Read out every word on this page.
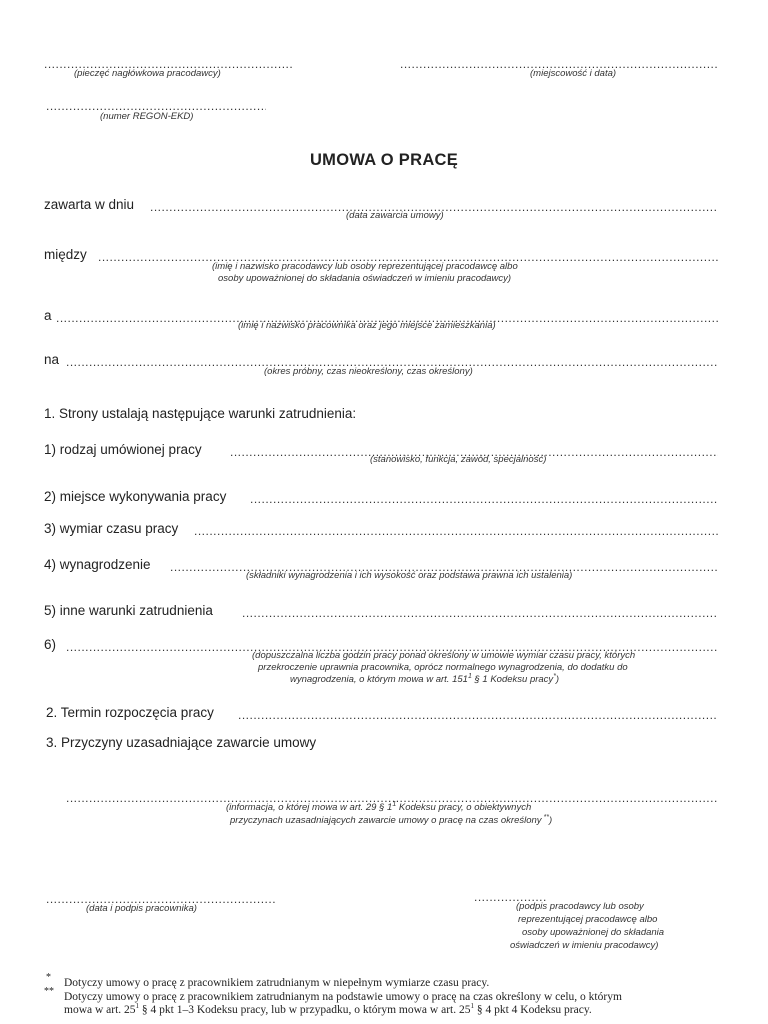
.....
(pieczęć nagłówkowa pracodawcy)
.....	(miejscowość i data)
.....
(numer REGON-EKD)
UMOWA O PRACĘ
zawarta w dniu
.....
(data zawarcia umowy)
między
.....
(imię i nazwisko pracodawcy lub osoby reprezentującej pracodawcę albo
osoby upoważnionej do składania oświadczeń w imieniu pracodawcy)
a
.....
(imię i nazwisko pracownika oraz jego miejsce zamieszkania)
na
.....
(okres próbny, czas nieokreślony, czas określony)
1. Strony ustalają następujące warunki zatrudnienia:
1) rodzaj umówionej pracy
.....
(stanowisko, funkcja, zawód, specjalność)
2) miejsce wykonywania pracy
.....
3) wymiar czasu pracy
.....
4) wynagrodzenie
.....
(składniki wynagrodzenia i ich wysokość oraz podstawa prawna ich ustalenia)
5) inne warunki zatrudnienia
.....
6)
.....
(dopuszczalna liczba godzin pracy ponad określony w umowie wymiar czasu pracy, których
przekroczenie uprawnia pracownika, oprócz normalnego wynagrodzenia, do dodatku do
wynagrodzenia, o którym mowa w art. $151^1$ § 1 Kodeksu pracy*)
2. Termin rozpoczęcia pracy
.....
3. Przyczyny uzasadniające zawarcie umowy
.....
(informacja, o której mowa w art. 29 § $1^1$ Kodeksu pracy, o obiektywnych
przyczynach uzasadniających zawarcie umowy o pracę na czas określony **)
.....
(data i podpis pracownika)
.....	(podpis pracodawcy lub osoby
reprezentującej pracodawcę albo
osoby upoważnionej do składania
oświadczeń w imieniu pracodawcy)
* Dotyczy umowy o pracę z pracownikiem zatrudnianym w niepełnym wymiarze czasu pracy.
** Dotyczy umowy o pracę z pracownikiem zatrudnianym na podstawie umowy o pracę na czas określony w celu, o którym
mowa w art. $25^1$ § 4 pkt 1–3 Kodeksu pracy, lub w przypadku, o którym mowa w art. $25^1$ § 4 pkt 4 Kodeksu pracy.
